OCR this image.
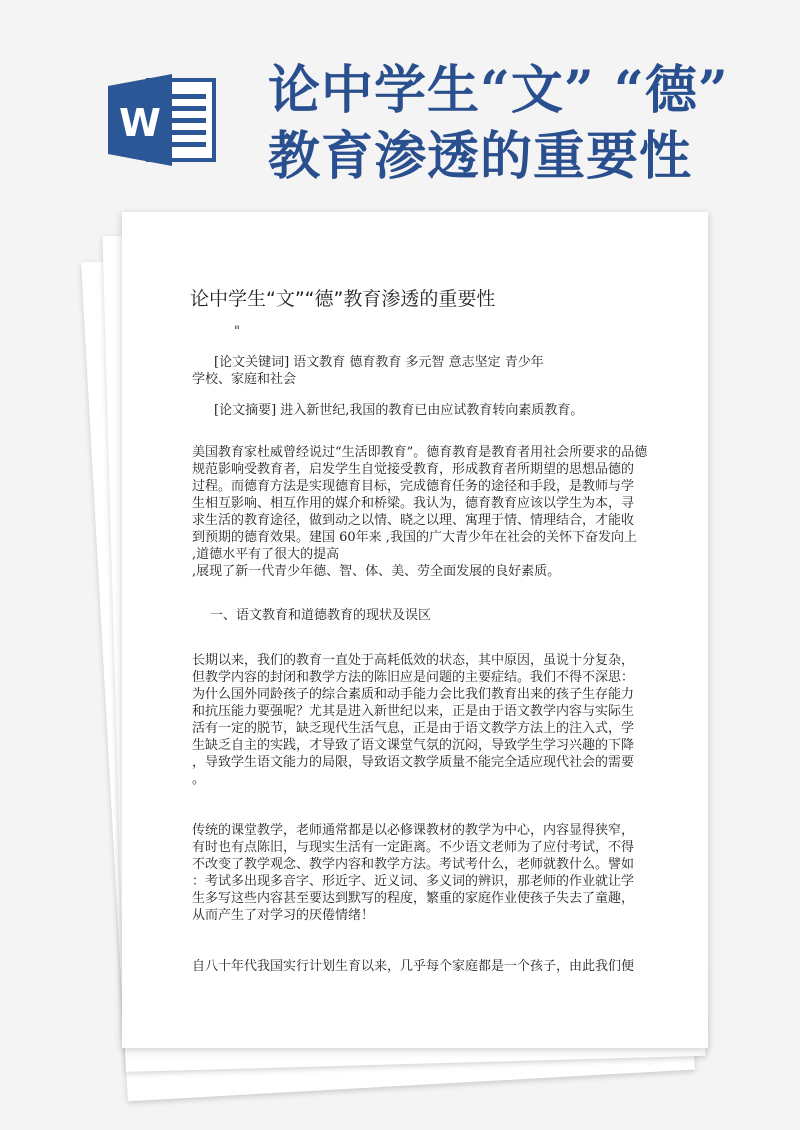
W
论中学生“文” “德”
教育渗透的重要性
论中学生“文”“德”教育渗透的重要性
"
[论文关键词] 语文教育 德育教育 多元智 意志坚定 青少年
学校、家庭和社会
[论文摘要] 进入新世纪,我国的教育已由应试教育转向素质教育。
美国教育家杜威曾经说过“生活即教育”。德育教育是教育者用社会所要求的品德
规范影响受教育者，启发学生自觉接受教育，形成教育者所期望的思想品德的
过程。而德育方法是实现德育目标，完成德育任务的途径和手段，是教师与学
生相互影响、相互作用的媒介和桥梁。我认为，德育教育应该以学生为本，寻
求生活的教育途径，做到动之以情、晓之以理、寓理于情、情理结合，才能收
到预期的德育效果。建国 60年来 ,我国的广大青少年在社会的关怀下奋发向上
,道德水平有了很大的提高
,展现了新一代青少年德、智、体、美、劳全面发展的良好素质。
一、语文教育和道德教育的现状及误区
长期以来，我们的教育一直处于高耗低效的状态，其中原因，虽说十分复杂，
但教学内容的封闭和教学方法的陈旧应是问题的主要症结。我们不得不深思：
为什么国外同龄孩子的综合素质和动手能力会比我们教育出来的孩子生存能力
和抗压能力要强呢？尤其是进入新世纪以来，正是由于语文教学内容与实际生
活有一定的脱节，缺乏现代生活气息，正是由于语文教学方法上的注入式，学
生缺乏自主的实践，才导致了语文课堂气氛的沉闷，导致学生学习兴趣的下降
，导致学生语文能力的局限，导致语文教学质量不能完全适应现代社会的需要
。
传统的课堂教学，老师通常都是以必修课教材的教学为中心，内容显得狭窄，
有时也有点陈旧，与现实生活有一定距离。不少语文老师为了应付考试，不得
不改变了教学观念、教学内容和教学方法。考试考什么，老师就教什么。譬如
：考试多出现多音字、形近字、近义词、多义词的辨识，那老师的作业就让学
生多写这些内容甚至要达到默写的程度，繁重的家庭作业使孩子失去了童趣，
从而产生了对学习的厌倦情绪！
自八十年代我国实行计划生育以来，几乎每个家庭都是一个孩子，由此我们便
